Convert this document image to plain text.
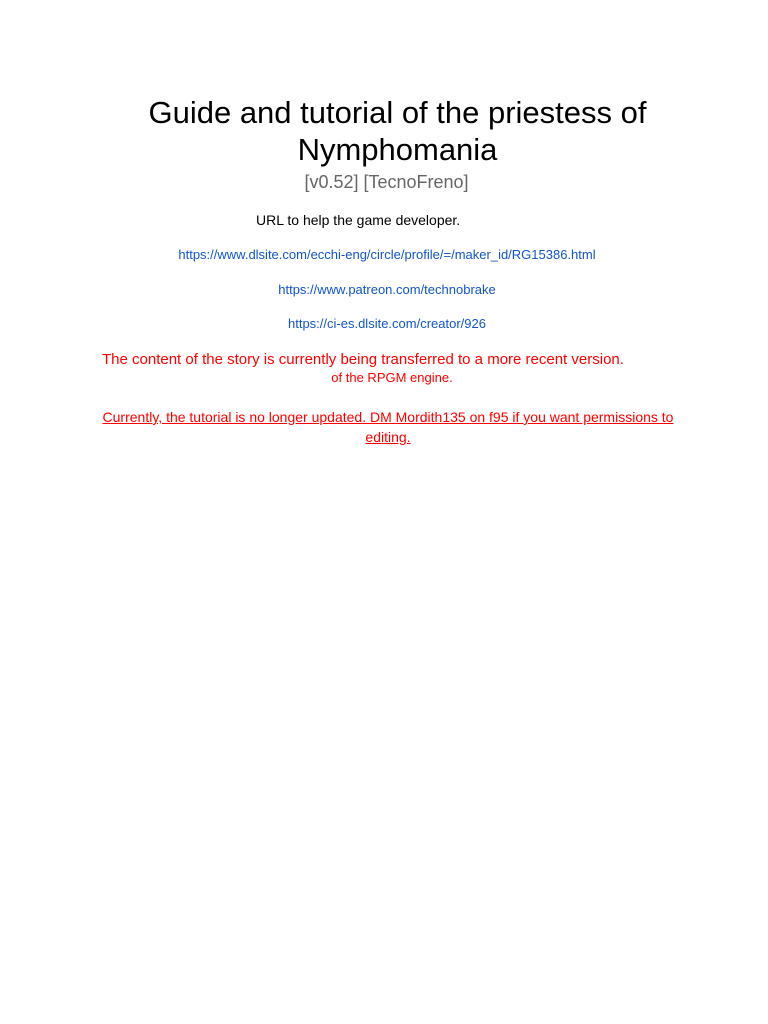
Guide and tutorial of the priestess of Nymphomania
[v0.52] [TecnoFreno]
URL to help the game developer.
https://www.dlsite.com/ecchi-eng/circle/profile/=/maker_id/RG15386.html
https://www.patreon.com/technobrake
https://ci-es.dlsite.com/creator/926
The content of the story is currently being transferred to a more recent version.
of the RPGM engine.
Currently, the tutorial is no longer updated. DM Mordith135 on f95 if you want permissions to editing.
